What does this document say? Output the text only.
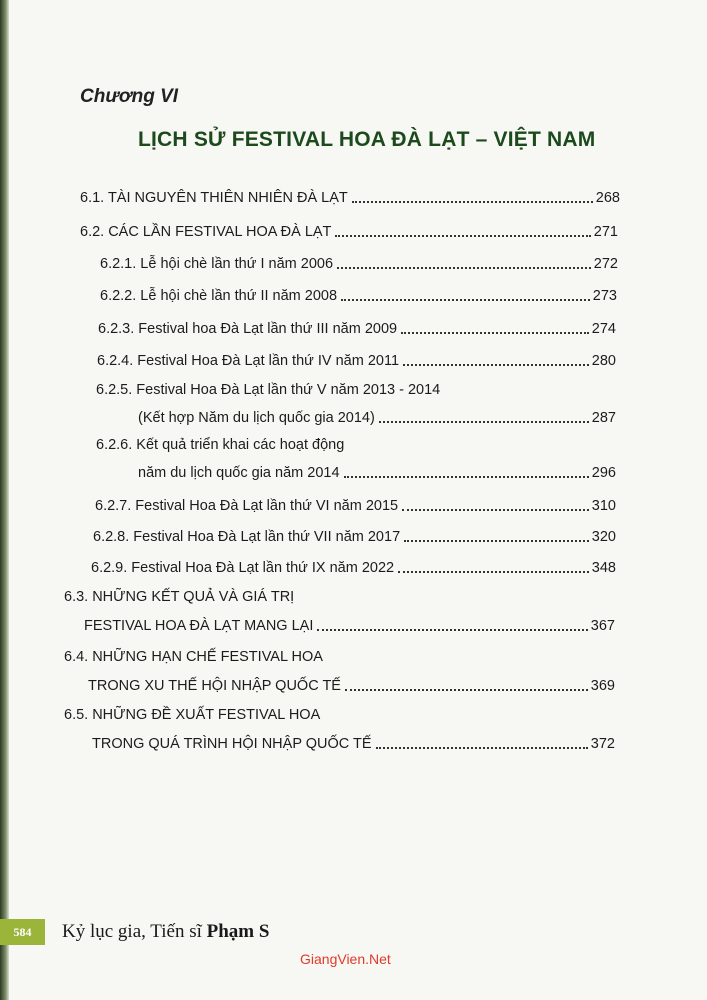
Chương VI
LỊCH SỬ FESTIVAL HOA ĐÀ LẠT – VIỆT NAM
6.1. TÀI NGUYÊN THIÊN NHIÊN ĐÀ LẠT	268
6.2. CÁC LẦN FESTIVAL HOA ĐÀ LẠT	271
6.2.1. Lễ hội chè lần thứ I năm 2006	272
6.2.2. Lễ hội chè lần thứ II năm 2008	273
6.2.3. Festival hoa Đà Lạt lần thứ III năm 2009	274
6.2.4. Festival Hoa Đà Lạt lần thứ IV năm 2011	280
6.2.5. Festival Hoa Đà Lạt lần thứ V năm 2013 - 2014
(Kết hợp Năm du lịch quốc gia 2014)	287
6.2.6. Kết quả triển khai các hoạt động
năm du lịch quốc gia năm 2014	296
6.2.7. Festival Hoa Đà Lạt lần thứ VI năm 2015	310
6.2.8. Festival Hoa Đà Lạt lần thứ VII năm 2017	320
6.2.9. Festival Hoa Đà Lạt lần thứ IX năm 2022	348
6.3. NHỮNG KẾT QUẢ VÀ GIÁ TRỊ
FESTIVAL HOA ĐÀ LẠT MANG LẠI	367
6.4. NHỮNG HẠN CHẾ FESTIVAL HOA
TRONG XU THẾ HỘI NHẬP QUỐC TẾ	369
6.5. NHỮNG ĐỀ XUẤT FESTIVAL HOA
TRONG QUÁ TRÌNH HỘI NHẬP QUỐC TẾ	372
584	Kỷ lục gia, Tiến sĩ Phạm S
GiangVien.Net
